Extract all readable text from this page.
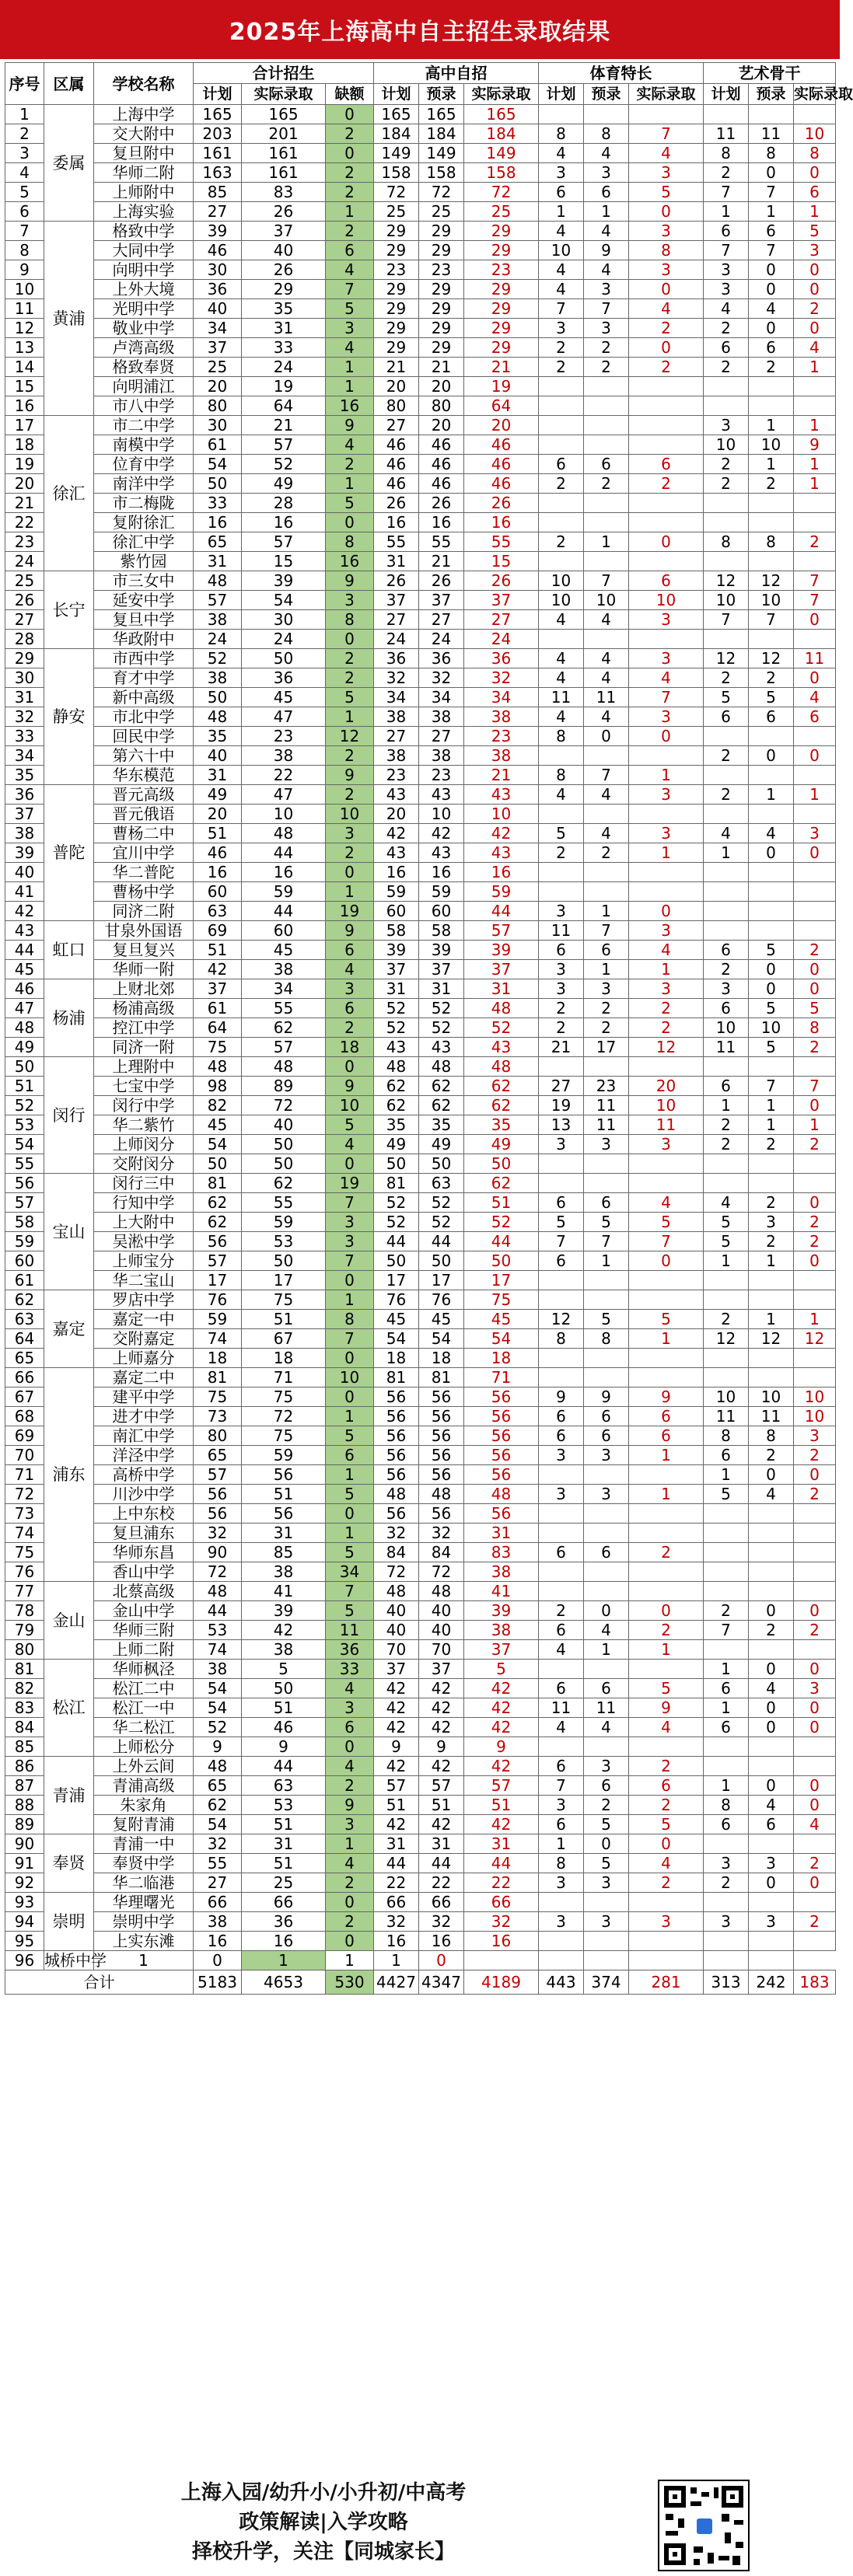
2025年上海高中自主招生录取结果
序号	区属	学校名称	合计招生			高中自招			体育特长			艺术骨干		
			计划	实际录取	缺额	计划	预录	实际录取	计划	预录	实际录取	计划	预录	实际录取
1	委属	上海中学	165	165	0	165	165	165						
2		交大附中	203	201	2	184	184	184	8	8	7	11	11	10
3		复旦附中	161	161	0	149	149	149	4	4	4	8	8	8
4		华师二附	163	161	2	158	158	158	3	3	3	2	0	0
5		上师附中	85	83	2	72	72	72	6	6	5	7	7	6
6		上海实验	27	26	1	25	25	25	1	1	0	1	1	1
7	黄浦	格致中学	39	37	2	29	29	29	4	4	3	6	6	5
8		大同中学	46	40	6	29	29	29	10	9	8	7	7	3
9		向明中学	30	26	4	23	23	23	4	4	3	3	0	0
10		上外大境	36	29	7	29	29	29	4	3	0	3	0	0
11		光明中学	40	35	5	29	29	29	7	7	4	4	4	2
12		敬业中学	34	31	3	29	29	29	3	3	2	2	0	0
13		卢湾高级	37	33	4	29	29	29	2	2	0	6	6	4
14		格致奉贤	25	24	1	21	21	21	2	2	2	2	2	1
15		向明浦江	20	19	1	20	20	19						
16		市八中学	80	64	16	80	80	64						
17	徐汇	市二中学	30	21	9	27	20	20				3	1	1
18		南模中学	61	57	4	46	46	46				10	10	9
19		位育中学	54	52	2	46	46	46	6	6	6	2	1	1
20		南洋中学	50	49	1	46	46	46	2	2	2	2	2	1
21		市二梅陇	33	28	5	26	26	26						
22		复附徐汇	16	16	0	16	16	16						
23		徐汇中学	65	57	8	55	55	55	2	1	0	8	8	2
24		紫竹园	31	15	16	31	21	15						
25	长宁	市三女中	48	39	9	26	26	26	10	7	6	12	12	7
26		延安中学	57	54	3	37	37	37	10	10	10	10	10	7
27		复旦中学	38	30	8	27	27	27	4	4	3	7	7	0
28		华政附中	24	24	0	24	24	24						
29	静安	市西中学	52	50	2	36	36	36	4	4	3	12	12	11
30		育才中学	38	36	2	32	32	32	4	4	4	2	2	0
31		新中高级	50	45	5	34	34	34	11	11	7	5	5	4
32		市北中学	48	47	1	38	38	38	4	4	3	6	6	6
33		回民中学	35	23	12	27	27	23	8	0	0			
34		第六十中	40	38	2	38	38	38				2	0	0
35		华东模范	31	22	9	23	23	21	8	7	1			
36	普陀	晋元高级	49	47	2	43	43	43	4	4	3	2	1	1
37		晋元俄语	20	10	10	20	10	10						
38		曹杨二中	51	48	3	42	42	42	5	4	3	4	4	3
39		宜川中学	46	44	2	43	43	43	2	2	1	1	0	0
40		华二普陀	16	16	0	16	16	16						
41		曹杨中学	60	59	1	59	59	59						
42		同济二附	63	44	19	60	60	44	3	1	0			
43	虹口	甘泉外国语	69	60	9	58	58	57	11	7	3			
44		复旦复兴	51	45	6	39	39	39	6	6	4	6	5	2
45		华师一附	42	38	4	37	37	37	3	1	1	2	0	0
46	杨浦	上财北郊	37	34	3	31	31	31	3	3	3	3	0	0
47		杨浦高级	61	55	6	52	52	48	2	2	2	6	5	5
48		控江中学	64	62	2	52	52	52	2	2	2	10	10	8
49		同济一附	75	57	18	43	43	43	21	17	12	11	5	2
50	闵行	上理附中	48	48	0	48	48	48						
51		七宝中学	98	89	9	62	62	62	27	23	20	6	7	7
52		闵行中学	82	72	10	62	62	62	19	11	10	1	1	0
53		华二紫竹	45	40	5	35	35	35	13	11	11	2	1	1
54		上师闵分	54	50	4	49	49	49	3	3	3	2	2	2
55		交附闵分	50	50	0	50	50	50						
56	宝山	闵行三中	81	62	19	81	63	62						
57		行知中学	62	55	7	52	52	51	6	6	4	4	2	0
58		上大附中	62	59	3	52	52	52	5	5	5	5	3	2
59		吴淞中学	56	53	3	44	44	44	7	7	7	5	2	2
60		上师宝分	57	50	7	50	50	50	6	1	0	1	1	0
61		华二宝山	17	17	0	17	17	17						
62	嘉定	罗店中学	76	75	1	76	76	75						
63		嘉定一中	59	51	8	45	45	45	12	5	5	2	1	1
64		交附嘉定	74	67	7	54	54	54	8	8	1	12	12	12
65		上师嘉分	18	18	0	18	18	18						
66	浦东	嘉定二中	81	71	10	81	81	71						
67		建平中学	75	75	0	56	56	56	9	9	9	10	10	10
68		进才中学	73	72	1	56	56	56	6	6	6	11	11	10
69		南汇中学	80	75	5	56	56	56	6	6	6	8	8	3
70		洋泾中学	65	59	6	56	56	56	3	3	1	6	2	2
71		高桥中学	57	56	1	56	56	56				1	0	0
72		川沙中学	56	51	5	48	48	48	3	3	1	5	4	2
73		上中东校	56	56	0	56	56	56						
74		复旦浦东	32	31	1	32	32	31						
75		华师东昌	90	85	5	84	84	83	6	6	2			
76		香山中学	72	38	34	72	72	38						
77	金山	北蔡高级	48	41	7	48	48	41						
78		金山中学	44	39	5	40	40	39	2	0	0	2	0	0
79		华师三附	53	42	11	40	40	38	6	4	2	7	2	2
80		上师二附	74	38	36	70	70	37	4	1	1			
81	松江	华师枫泾	38	5	33	37	37	5				1	0	0
82		松江二中	54	50	4	42	42	42	6	6	5	6	4	3
83		松江一中	54	51	3	42	42	42	11	11	9	1	0	0
84		华二松江	52	46	6	42	42	42	4	4	4	6	0	0
85		上师松分	9	9	0	9	9	9						
86	青浦	上外云间	48	44	4	42	42	42	6	3	2			
87		青浦高级	65	63	2	57	57	57	7	6	6	1	0	0
88		朱家角	62	53	9	51	51	51	3	2	2	8	4	0
89		复附青浦	54	51	3	42	42	42	6	5	5	6	6	4
90	奉贤	青浦一中	32	31	1	31	31	31	1	0	0			
91		奉贤中学	55	51	4	44	44	44	8	5	4	3	3	2
92		华二临港	27	25	2	22	22	22	3	3	2	2	0	0
93	崇明	华理曙光	66	66	0	66	66	66						
94		崇明中学	38	36	2	32	32	32	3	3	3	3	3	2
95		上实东滩	16	16	0	16	16	16						
96	城桥中学	1	0	1	1	1	0							
合计			5183	4653	530	4427	4347	4189	443	374	281	313	242	183
上海入园/幼升小/小升初/中高考
政策解读|入学攻略
择校升学，关注【同城家长】
